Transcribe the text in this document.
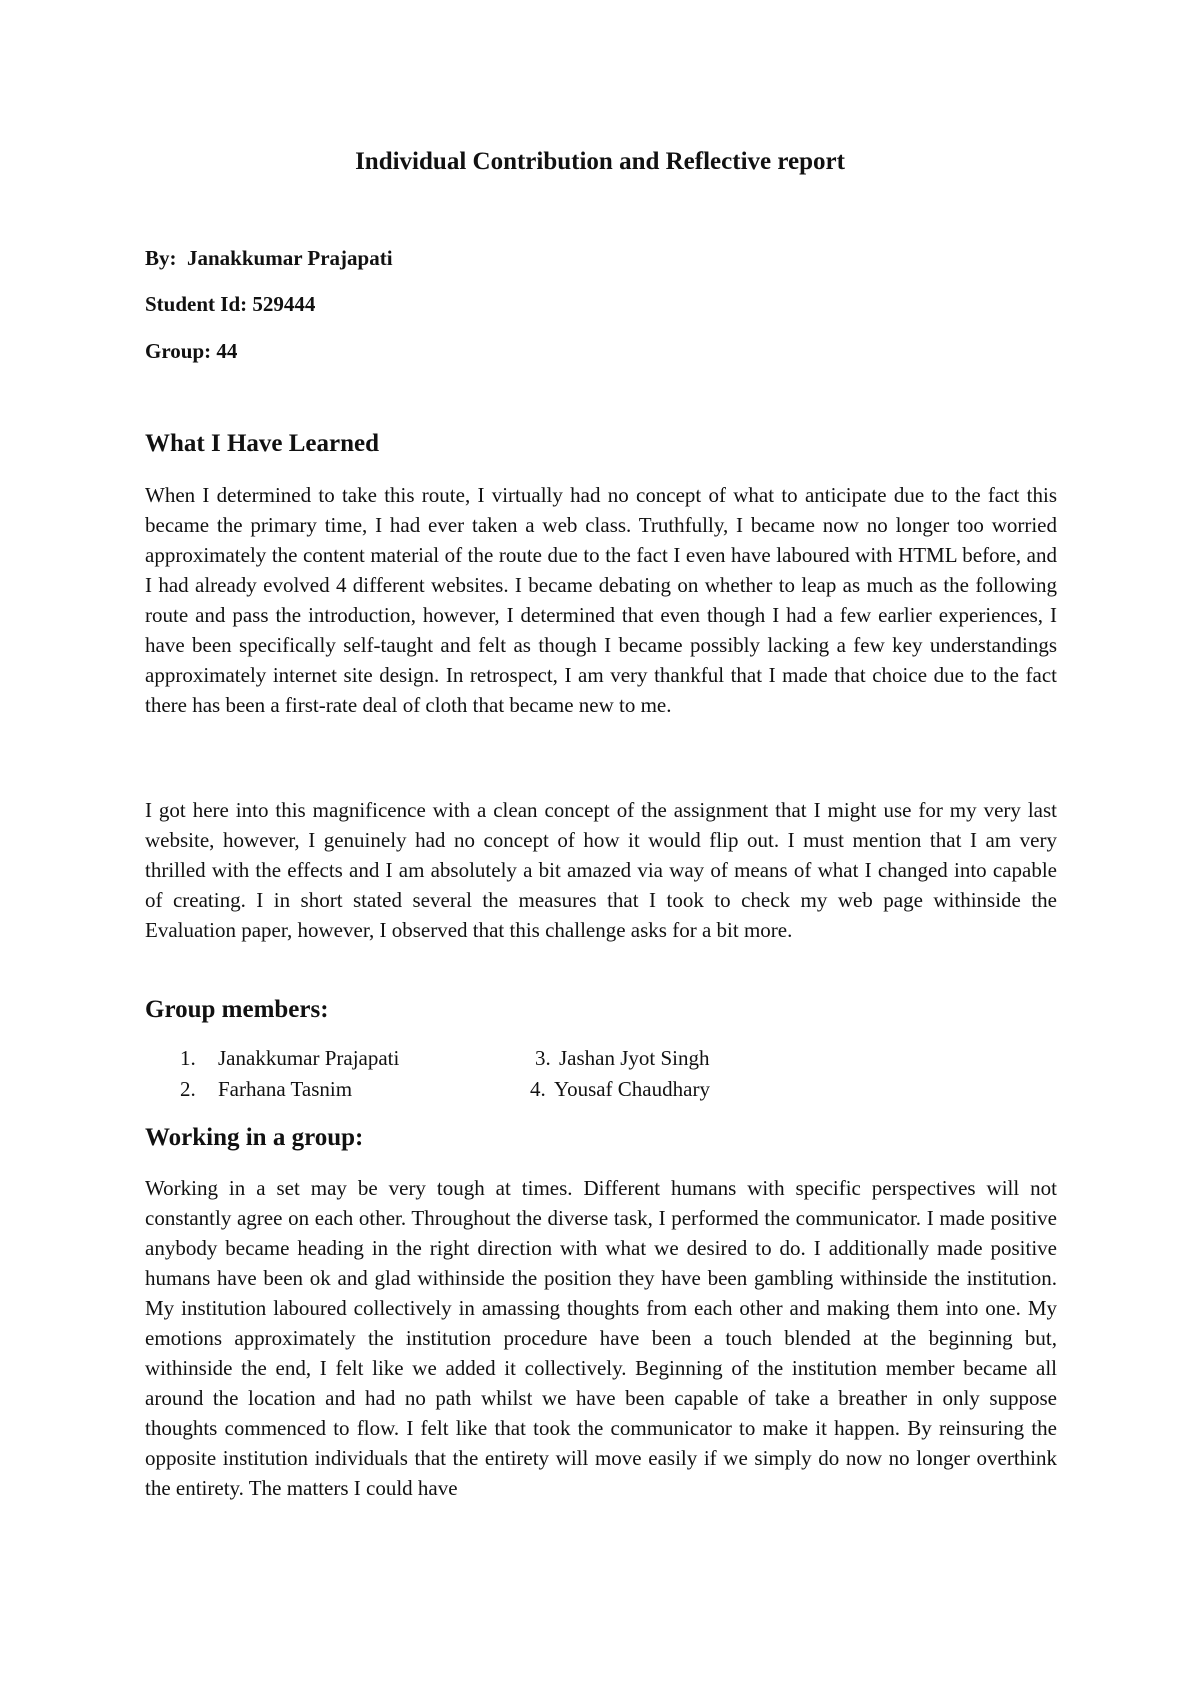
Individual Contribution and Reflective report

By: Janakkumar Prajapati

Student Id: 529444

Group: 44

What I Have Learned

When I determined to take this route, I virtually had no concept of what to anticipate due to the fact this became the primary time, I had ever taken a web class. Truthfully, I became now no longer too worried approximately the content material of the route due to the fact I even have laboured with HTML before, and I had already evolved 4 different websites. I became debating on whether to leap as much as the following route and pass the introduction, however, I determined that even though I had a few earlier experiences, I have been specifically self-taught and felt as though I became possibly lacking a few key understandings approximately internet site design. In retrospect, I am very thankful that I made that choice due to the fact there has been a first-rate deal of cloth that became new to me.

I got here into this magnificence with a clean concept of the assignment that I might use for my very last website, however, I genuinely had no concept of how it would flip out. I must mention that I am very thrilled with the effects and I am absolutely a bit amazed via way of means of what I changed into capable of creating. I in short stated several the measures that I took to check my web page withinside the Evaluation paper, however, I observed that this challenge asks for a bit more.

Group members:
1. Janakkumar Prajapati
2. Farhana Tasnim
3. Jashan Jyot Singh
4. Yousaf Chaudhary
Working in a group:

Working in a set may be very tough at times. Different humans with specific perspectives will not constantly agree on each other. Throughout the diverse task, I performed the communicator. I made positive anybody became heading in the right direction with what we desired to do. I additionally made positive humans have been ok and glad withinside the position they have been gambling withinside the institution. My institution laboured collectively in amassing thoughts from each other and making them into one. My emotions approximately the institution procedure have been a touch blended at the beginning but, withinside the end, I felt like we added it collectively. Beginning of the institution member became all around the location and had no path whilst we have been capable of take a breather in only suppose thoughts commenced to flow. I felt like that took the communicator to make it happen. By reinsuring the opposite institution individuals that the entirety will move easily if we simply do now no longer overthink the entirety. The matters I could have
